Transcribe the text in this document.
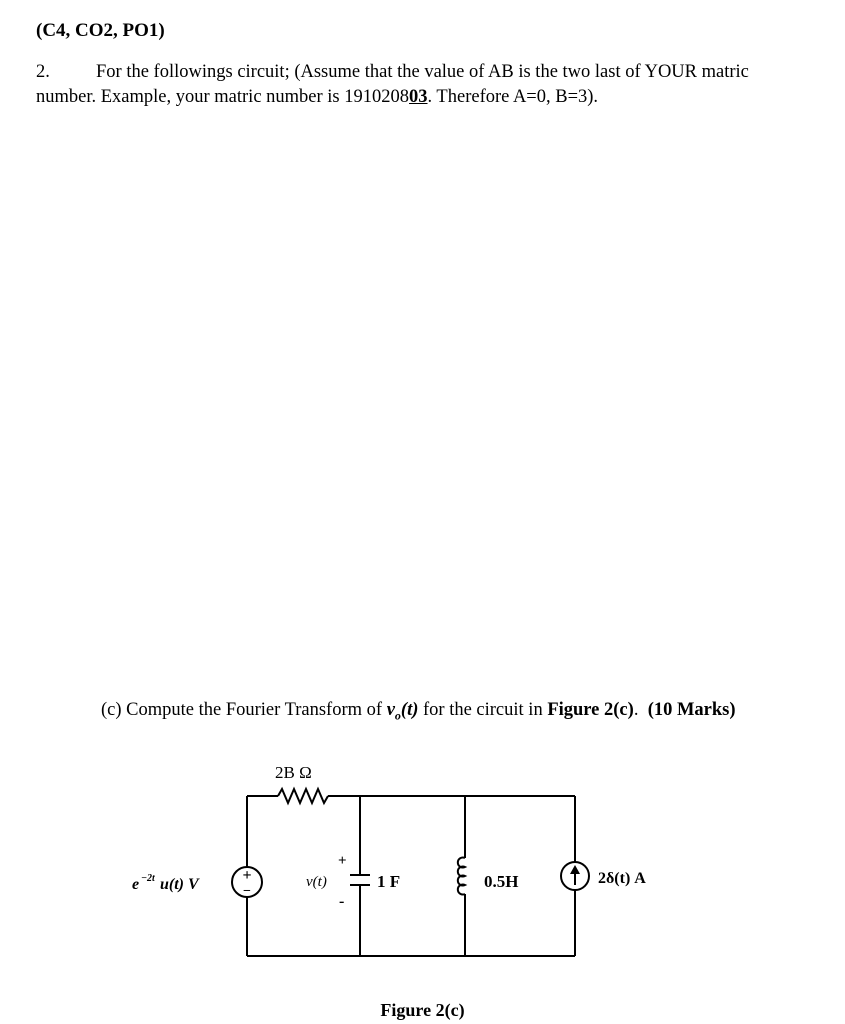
(C4, CO2, PO1)

2. For the followings circuit; (Assume that the value of AB is the two last of YOUR matric

number. Example, your matric number is 191020803. Therefore A=0, B=3).

(c) Compute the Fourier Transform of $v_o(t)$ for the circuit in Figure 2(c).  (10 Marks)

+
−
2B Ω
e −2t u(t) V	v(t)
+
-
1 F	0.5H	2δ(t) A

Figure 2(c)
